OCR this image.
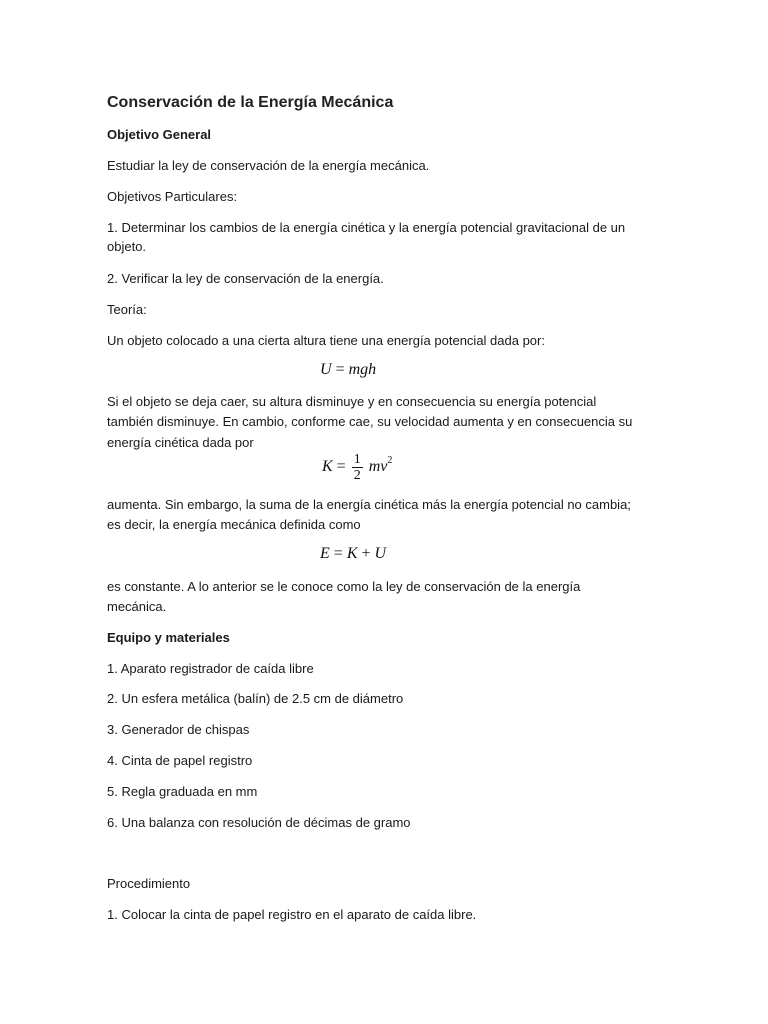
Conservación de la Energía Mecánica
Objetivo General
Estudiar la ley de conservación de la energía mecánica.
Objetivos Particulares:
1. Determinar los cambios de la energía cinética y la energía potencial gravitacional de un
objeto.
2. Verificar la ley de conservación de la energía.
Teoría:
Un objeto colocado a una cierta altura tiene una energía potencial dada por:
U = mgh
Si el objeto se deja caer, su altura disminuye y en consecuencia su energía potencial
también disminuye. En cambio, conforme cae, su velocidad aumenta y en consecuencia su
energía cinética dada por
$K = \frac{1}{2} mv^2$
aumenta. Sin embargo, la suma de la energía cinética más la energía potencial no cambia;
es decir, la energía mecánica definida como
E = K + U
es constante. A lo anterior se le conoce como la ley de conservación de la energía
mecánica.
Equipo y materiales
1. Aparato registrador de caída libre
2. Un esfera metálica (balín) de 2.5 cm de diámetro
3. Generador de chispas
4. Cinta de papel registro
5. Regla graduada en mm
6. Una balanza con resolución de décimas de gramo
Procedimiento
1. Colocar la cinta de papel registro en el aparato de caída libre.
